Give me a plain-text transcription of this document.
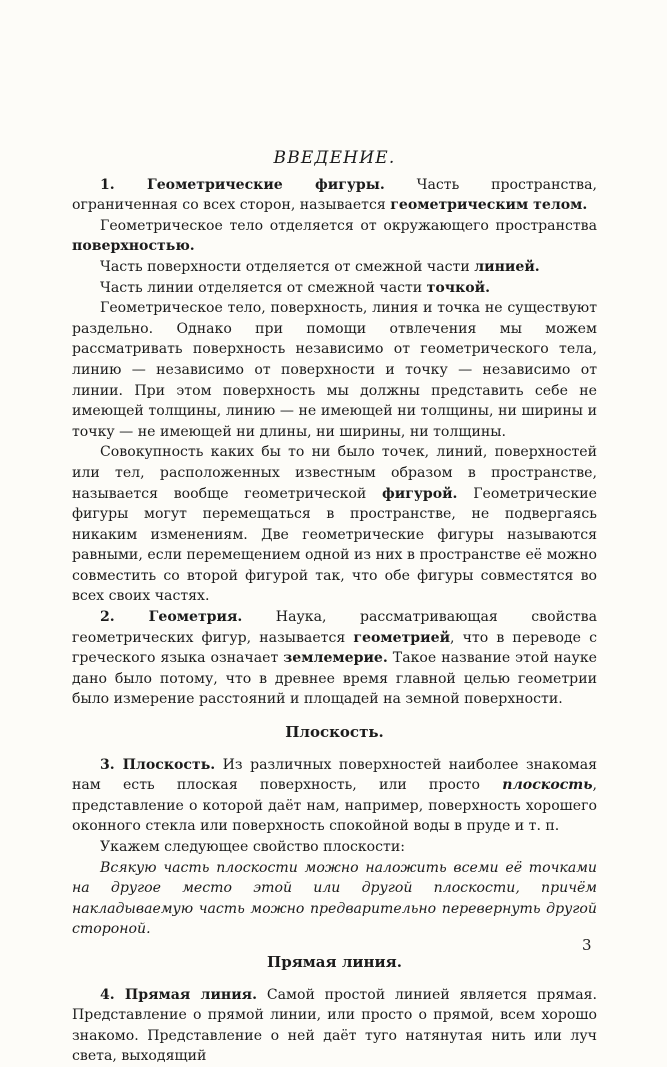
ВВЕДЕНИЕ.

1. Геометрические фигуры. Часть пространства, ограниченная со всех сторон, называется геометрическим телом.

Геометрическое тело отделяется от окружающего пространства поверхностью.

Часть поверхности отделяется от смежной части линией.

Часть линии отделяется от смежной части точкой.

Геометрическое тело, поверхность, линия и точка не существуют раздельно. Однако при помощи отвлечения мы можем рассматривать поверхность независимо от геометрического тела, линию — независимо от поверхности и точку — независимо от линии. При этом поверхность мы должны представить себе не имеющей толщины, линию — не имеющей ни толщины, ни ширины и точку — не имеющей ни длины, ни ширины, ни толщины.

Совокупность каких бы то ни было точек, линий, поверхностей или тел, расположенных известным образом в пространстве, называется вообще геометрической фигурой. Геометрические фигуры могут перемещаться в пространстве, не подвергаясь никаким изменениям. Две геометрические фигуры называются равными, если перемещением одной из них в пространстве её можно совместить со второй фигурой так, что обе фигуры совместятся во всех своих частях.

2. Геометрия. Наука, рассматривающая свойства геометрических фигур, называется геометрией, что в переводе с греческого языка означает землемерие. Такое название этой науке дано было потому, что в древнее время главной целью геометрии было измерение расстояний и площадей на земной поверхности.

Плоскость.

3. Плоскость. Из различных поверхностей наиболее знакомая нам есть плоская поверхность, или просто плоскость, представление о которой даёт нам, например, поверхность хорошего оконного стекла или поверхность спокойной воды в пруде и т. п.

Укажем следующее свойство плоскости:

Всякую часть плоскости можно наложить всеми её точками на другое место этой или другой плоскости, причём накладываемую часть можно предварительно перевернуть другой стороной.

Прямая линия.

4. Прямая линия. Самой простой линией является прямая. Представление о прямой линии, или просто о прямой, всем хорошо знакомо. Представление о ней даёт туго натянутая нить или луч света, выходящий

3
